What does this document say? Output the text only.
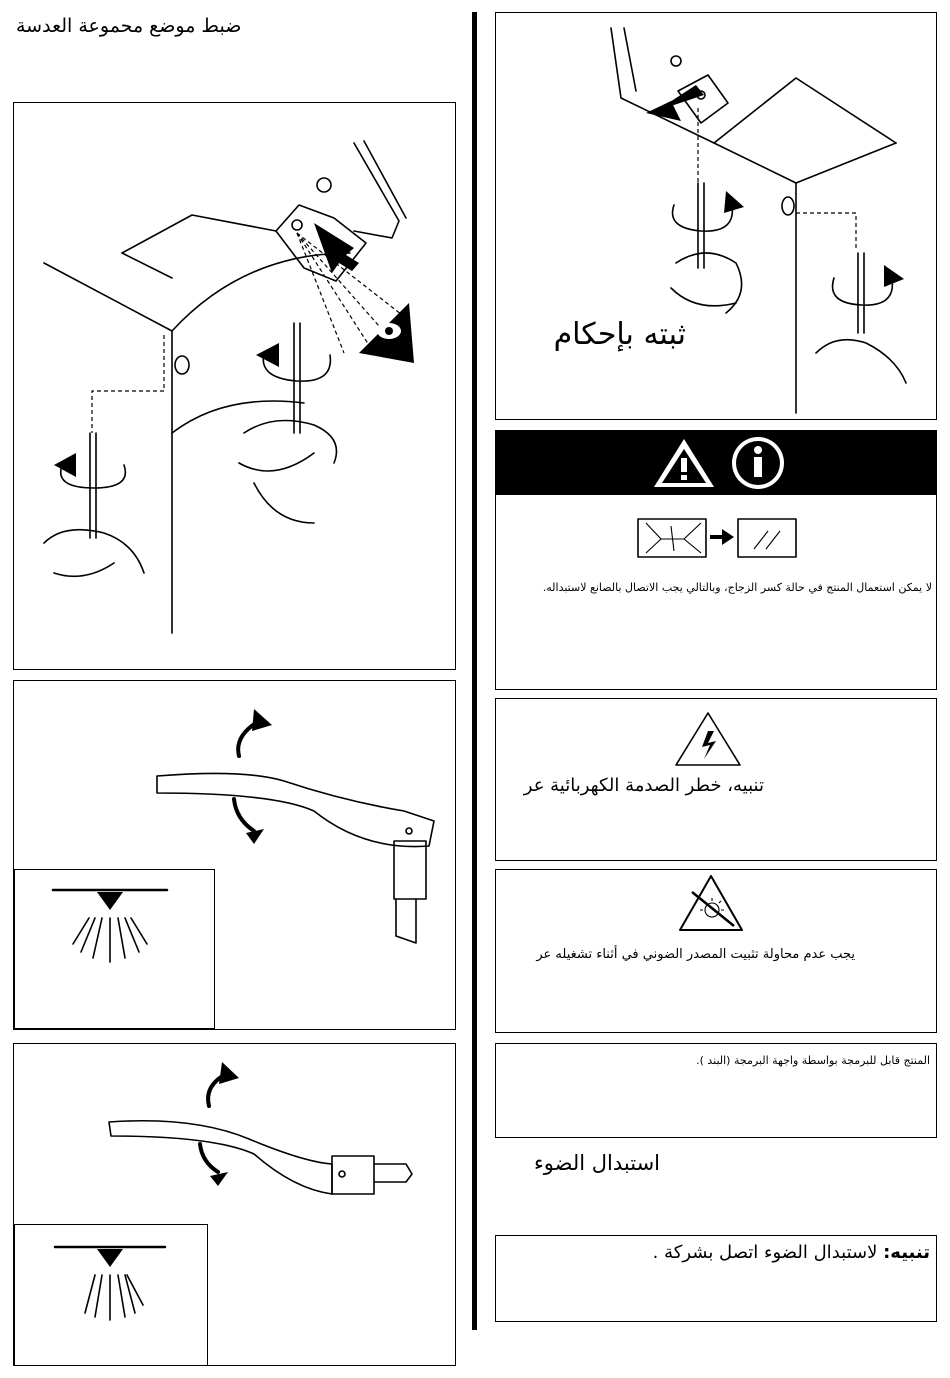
ضبط موضع محموعة العدسة
ثبته بإحكام
لا يمكن استعمال المنتج في حالة كسر الزجاج، وبالتالي يجب الاتصال بالصانع لاستبداله.
تنبيه، خطر الصدمة الكهربائية عر
يجب عدم محاولة تثبيت المصدر الضوني في أثناء تشغيله عر
المنتج قابل للبرمجة بواسطة واجهة البرمجة (البند ).
استبدال الضوء
تنبيه: لاستبدال الضوء اتصل بشركة .
